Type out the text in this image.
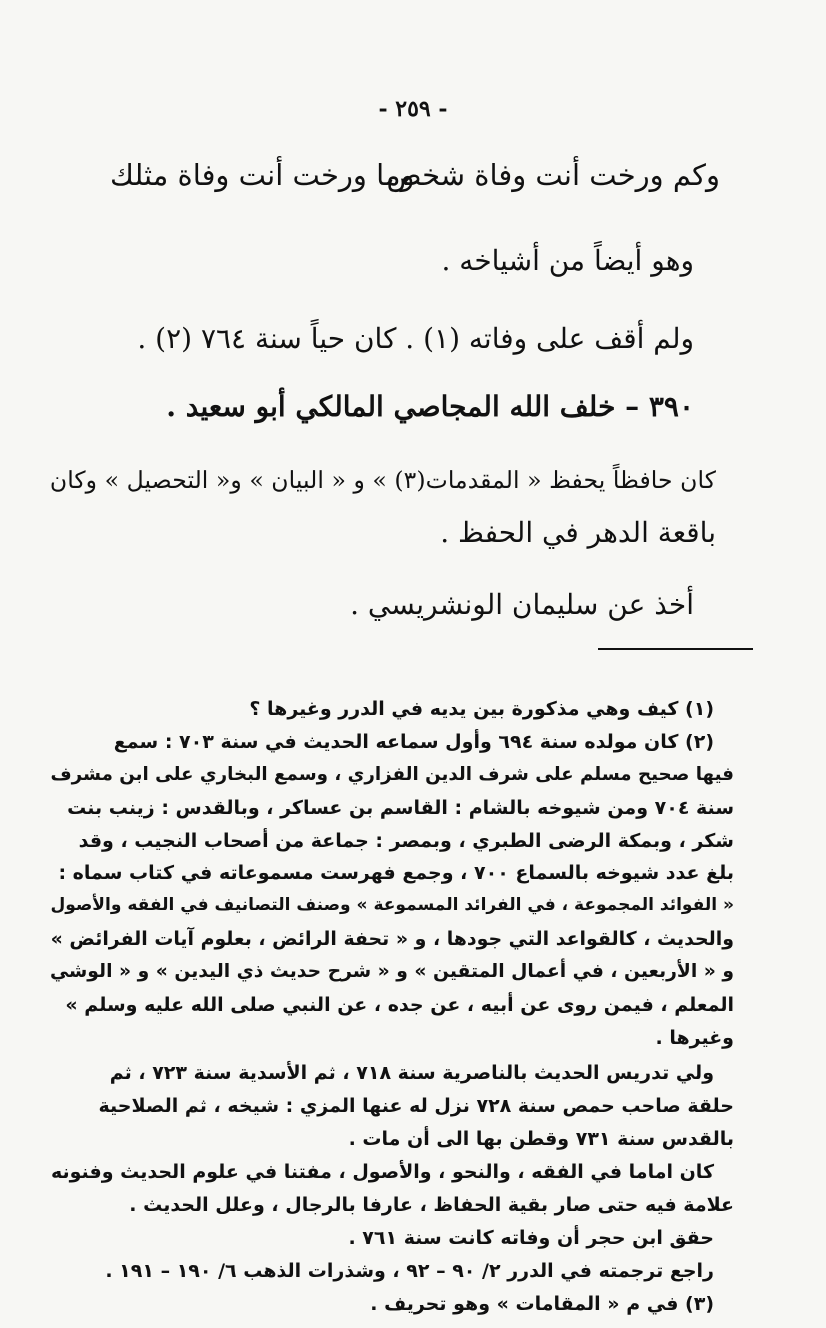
- ٢٥٩ -
وكم ورخت أنت وفاة شخص
وما ورخت أنت وفاة مثلك
وهو أيضاً من أشياخه .
ولم أقف على وفاته (١) . كان حياً سنة ٧٦٤ (٢) .
٣٩٠ – خلف الله المجاصي المالكي أبو سعيد .
كان حافظاً يحفظ « المقدمات(٣) » و « البيان » و« التحصيل » وكان
باقعة الدهر في الحفظ .
أخذ عن سليمان الونشريسي .
(١) كيف وهي مذكورة بين يديه في الدرر وغيرها ؟
(٢) كان مولده سنة ٦٩٤ وأول سماعه الحديث في سنة ٧٠٣ : سمع
فيها صحيح مسلم على شرف الدين الفزاري ، وسمع البخاري على ابن مشرف
سنة ٧٠٤ ومن شيوخه بالشام : القاسم بن عساكر ، وبالقدس : زينب بنت
شكر ، وبمكة الرضى الطبري ، وبمصر : جماعة من أصحاب النجيب ، وقد
بلغ عدد شيوخه بالسماع ٧٠٠ ، وجمع فهرست مسموعاته في كتاب سماه :
« الفوائد المجموعة ، في الفرائد المسموعة » وصنف التصانيف في الفقه والأصول
والحديث ، كالقواعد التي جودها ، و « تحفة الرائض ، بعلوم آيات الفرائض »
و « الأربعين ، في أعمال المتقين » و « شرح حديث ذي اليدين » و « الوشي
المعلم ، فيمن روى عن أبيه ، عن جده ، عن النبي صلى الله عليه وسلم »
وغيرها .
ولي تدريس الحديث بالناصرية سنة ٧١٨ ، ثم الأسدية سنة ٧٢٣ ، ثم
حلقة صاحب حمص سنة ٧٢٨ نزل له عنها المزي : شيخه ، ثم الصلاحية
بالقدس سنة ٧٣١ وقطن بها الى أن مات .
كان اماما في الفقه ، والنحو ، والأصول ، مفتنا في علوم الحديث وفنونه
علامة فيه حتى صار بقية الحفاظ ، عارفا بالرجال ، وعلل الحديث .
حقق ابن حجر أن وفاته كانت سنة ٧٦١ .
راجع ترجمته في الدرر ٢/ ٩٠ – ٩٢ ، وشذرات الذهب ٦/ ١٩٠ – ١٩١ .
(٣) في م « المقامات » وهو تحريف .
